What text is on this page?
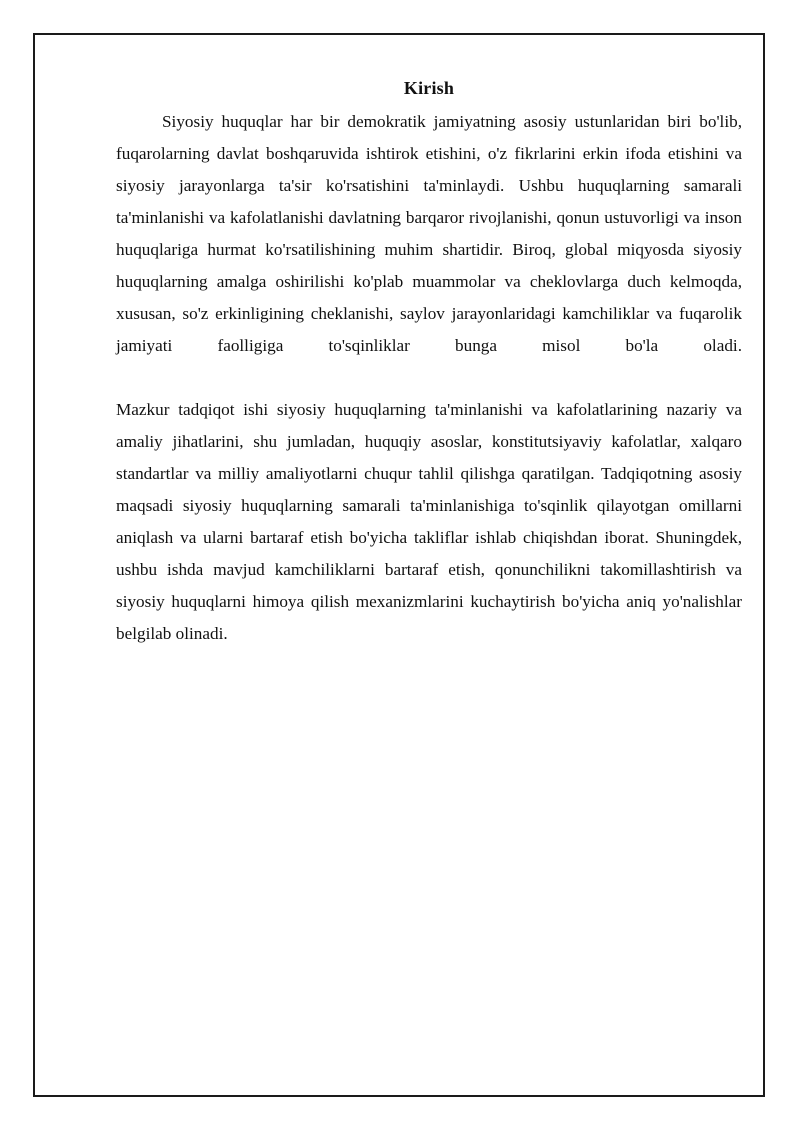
Kirish

Siyosiy huquqlar har bir demokratik jamiyatning asosiy ustunlaridan biri bo'lib, fuqarolarning davlat boshqaruvida ishtirok etishini, o'z fikrlarini erkin ifoda etishini va siyosiy jarayonlarga ta'sir ko'rsatishini ta'minlaydi. Ushbu huquqlarning samarali ta'minlanishi va kafolatlanishi davlatning barqaror rivojlanishi, qonun ustuvorligi va inson huquqlariga hurmat ko'rsatilishining muhim shartidir. Biroq, global miqyosda siyosiy huquqlarning amalga oshirilishi ko'plab muammolar va cheklovlarga duch kelmoqda, xususan, so'z erkinligining cheklanishi, saylov jarayonlaridagi kamchiliklar va fuqarolik jamiyati faolligiga to'sqinliklar bunga misol bo'la oladi.

Mazkur tadqiqot ishi siyosiy huquqlarning ta'minlanishi va kafolatlarining nazariy va amaliy jihatlarini, shu jumladan, huquqiy asoslar, konstitutsiyaviy kafolatlar, xalqaro standartlar va milliy amaliyotlarni chuqur tahlil qilishga qaratilgan. Tadqiqotning asosiy maqsadi siyosiy huquqlarning samarali ta'minlanishiga to'sqinlik qilayotgan omillarni aniqlash va ularni bartaraf etish bo'yicha takliflar ishlab chiqishdan iborat. Shuningdek, ushbu ishda mavjud kamchiliklarni bartaraf etish, qonunchilikni takomillashtirish va siyosiy huquqlarni himoya qilish mexanizmlarini kuchaytirish bo'yicha aniq yo'nalishlar belgilab olinadi.
